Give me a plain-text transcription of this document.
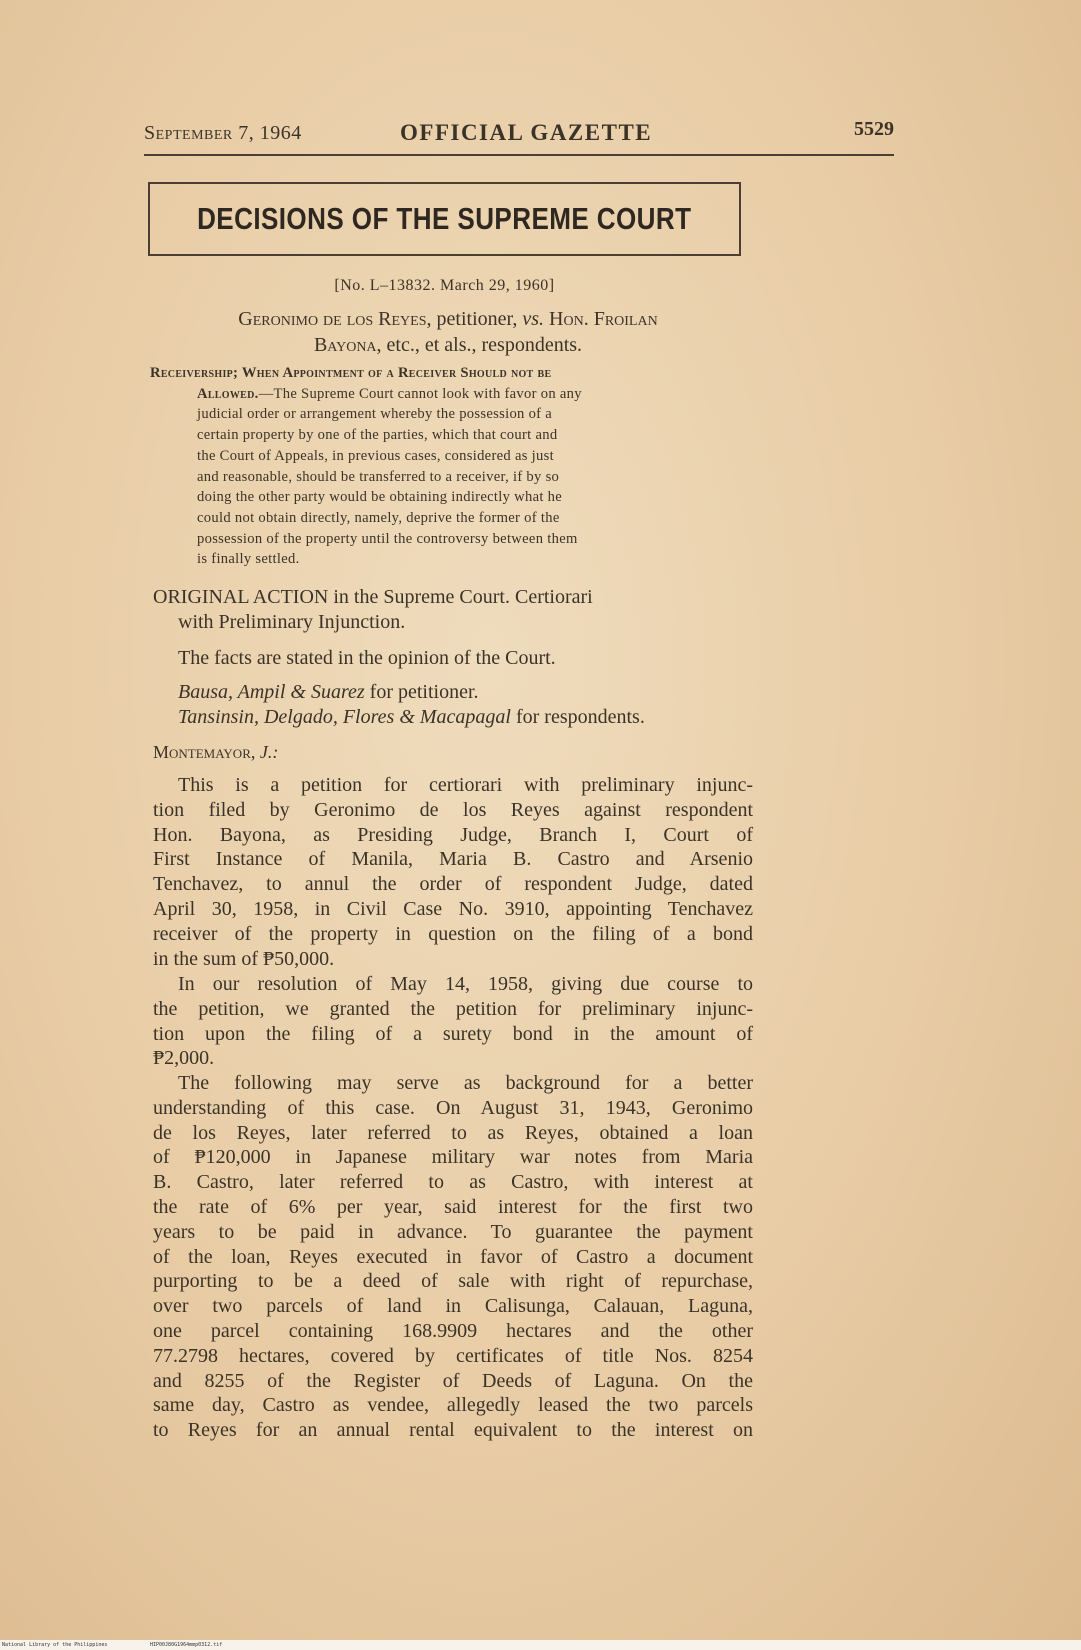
September 7, 1964	OFFICIAL GAZETTE	5529
DECISIONS OF THE SUPREME COURT
[No. L–13832. March 29, 1960]
Geronimo de los Reyes, petitioner, vs. Hon. Froilan
Bayona, etc., et als., respondents.
Receivership; When Appointment of a Receiver Should not be
Allowed.—The Supreme Court cannot look with favor on any
judicial order or arrangement whereby the possession of a
certain property by one of the parties, which that court and
the Court of Appeals, in previous cases, considered as just
and reasonable, should be transferred to a receiver, if by so
doing the other party would be obtaining indirectly what he
could not obtain directly, namely, deprive the former of the
possession of the property until the controversy between them
is finally settled.
ORIGINAL ACTION in the Supreme Court. Certiorari
with Preliminary Injunction.
The facts are stated in the opinion of the Court.
Bausa, Ampil & Suarez for petitioner.
Tansinsin, Delgado, Flores & Macapagal for respondents.
Montemayor, J.:
This is a petition for certiorari with preliminary injunc-
tion filed by Geronimo de los Reyes against respondent
Hon. Bayona, as Presiding Judge, Branch I, Court of
First Instance of Manila, Maria B. Castro and Arsenio
Tenchavez, to annul the order of respondent Judge, dated
April 30, 1958, in Civil Case No. 3910, appointing Tenchavez
receiver of the property in question on the filing of a bond
in the sum of ₱50,000.
In our resolution of May 14, 1958, giving due course to
the petition, we granted the petition for preliminary injunc-
tion upon the filing of a surety bond in the amount of
₱2,000.
The following may serve as background for a better
understanding of this case. On August 31, 1943, Geronimo
de los Reyes, later referred to as Reyes, obtained a loan
of ₱120,000 in Japanese military war notes from Maria
B. Castro, later referred to as Castro, with interest at
the rate of 6% per year, said interest for the first two
years to be paid in advance. To guarantee the payment
of the loan, Reyes executed in favor of Castro a document
purporting to be a deed of sale with right of repurchase,
over two parcels of land in Calisunga, Calauan, Laguna,
one parcel containing 168.9909 hectares and the other
77.2798 hectares, covered by certificates of title Nos. 8254
and 8255 of the Register of Deeds of Laguna. On the
same day, Castro as vendee, allegedly leased the two parcels
to Reyes for an annual rental equivalent to the interest on
National Library of the Philippines	HIP00J80G1964mmp0312.tif
